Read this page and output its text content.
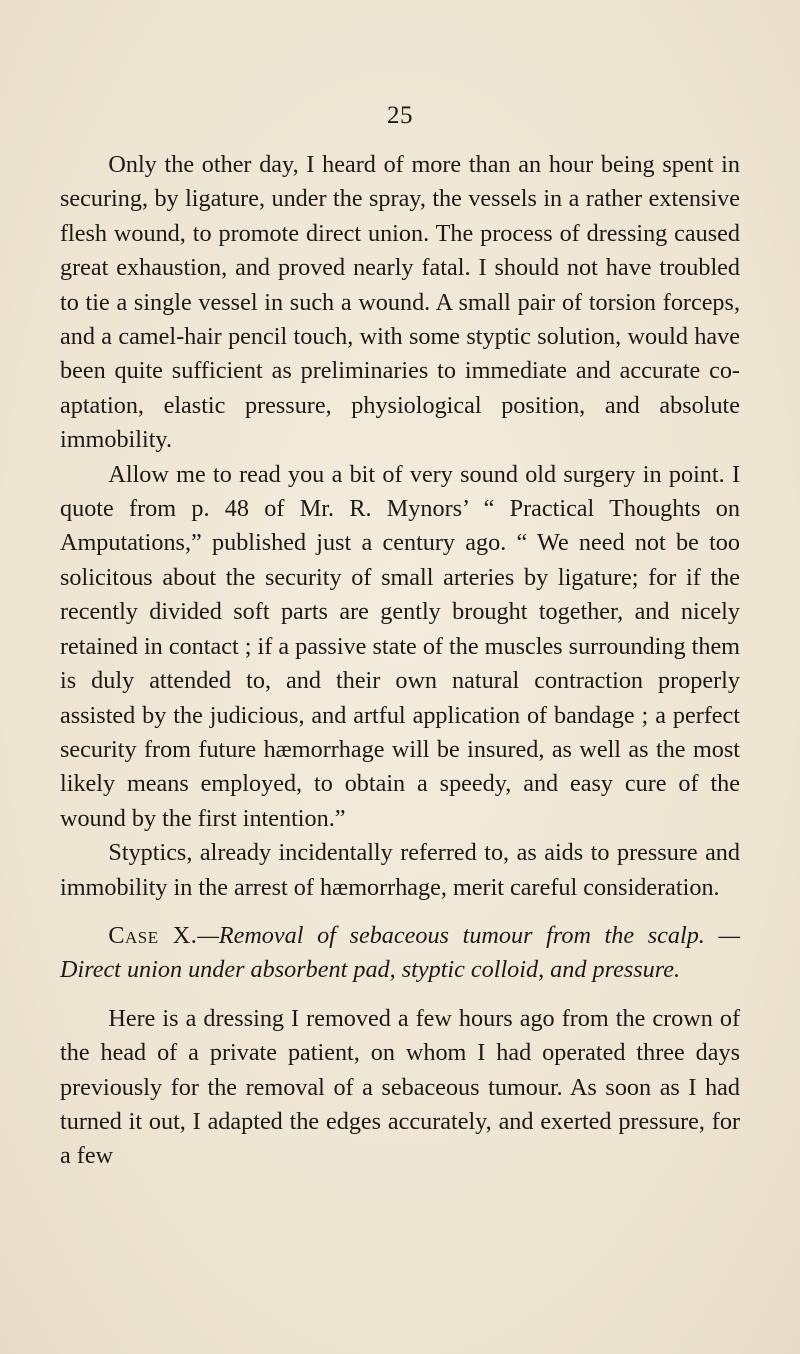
25

Only the other day, I heard of more than an hour being spent in securing, by ligature, under the spray, the vessels in a rather extensive flesh wound, to promote direct union. The process of dressing caused great exhaustion, and proved nearly fatal. I should not have troubled to tie a single vessel in such a wound. A small pair of torsion forceps, and a camel-hair pencil touch, with some styptic solution, would have been quite sufficient as preliminaries to immediate and accurate co-aptation, elastic pressure, physiological position, and absolute immobility.

Allow me to read you a bit of very sound old surgery in point. I quote from p. 48 of Mr. R. Mynors’ “ Practical Thoughts on Amputations,” published just a century ago. “ We need not be too solicitous about the security of small arteries by ligature; for if the recently divided soft parts are gently brought together, and nicely retained in contact ; if a passive state of the muscles surrounding them is duly attended to, and their own natural contraction properly assisted by the judicious, and artful application of bandage ; a perfect security from future hæmorrhage will be insured, as well as the most likely means employed, to obtain a speedy, and easy cure of the wound by the first intention.”

Styptics, already incidentally referred to, as aids to pressure and immobility in the arrest of hæmorrhage, merit careful consideration.

Case X.—Removal of sebaceous tumour from the scalp. —Direct union under absorbent pad, styptic colloid, and pressure.

Here is a dressing I removed a few hours ago from the crown of the head of a private patient, on whom I had operated three days previously for the removal of a sebaceous tumour. As soon as I had turned it out, I adapted the edges accurately, and exerted pressure, for a few
